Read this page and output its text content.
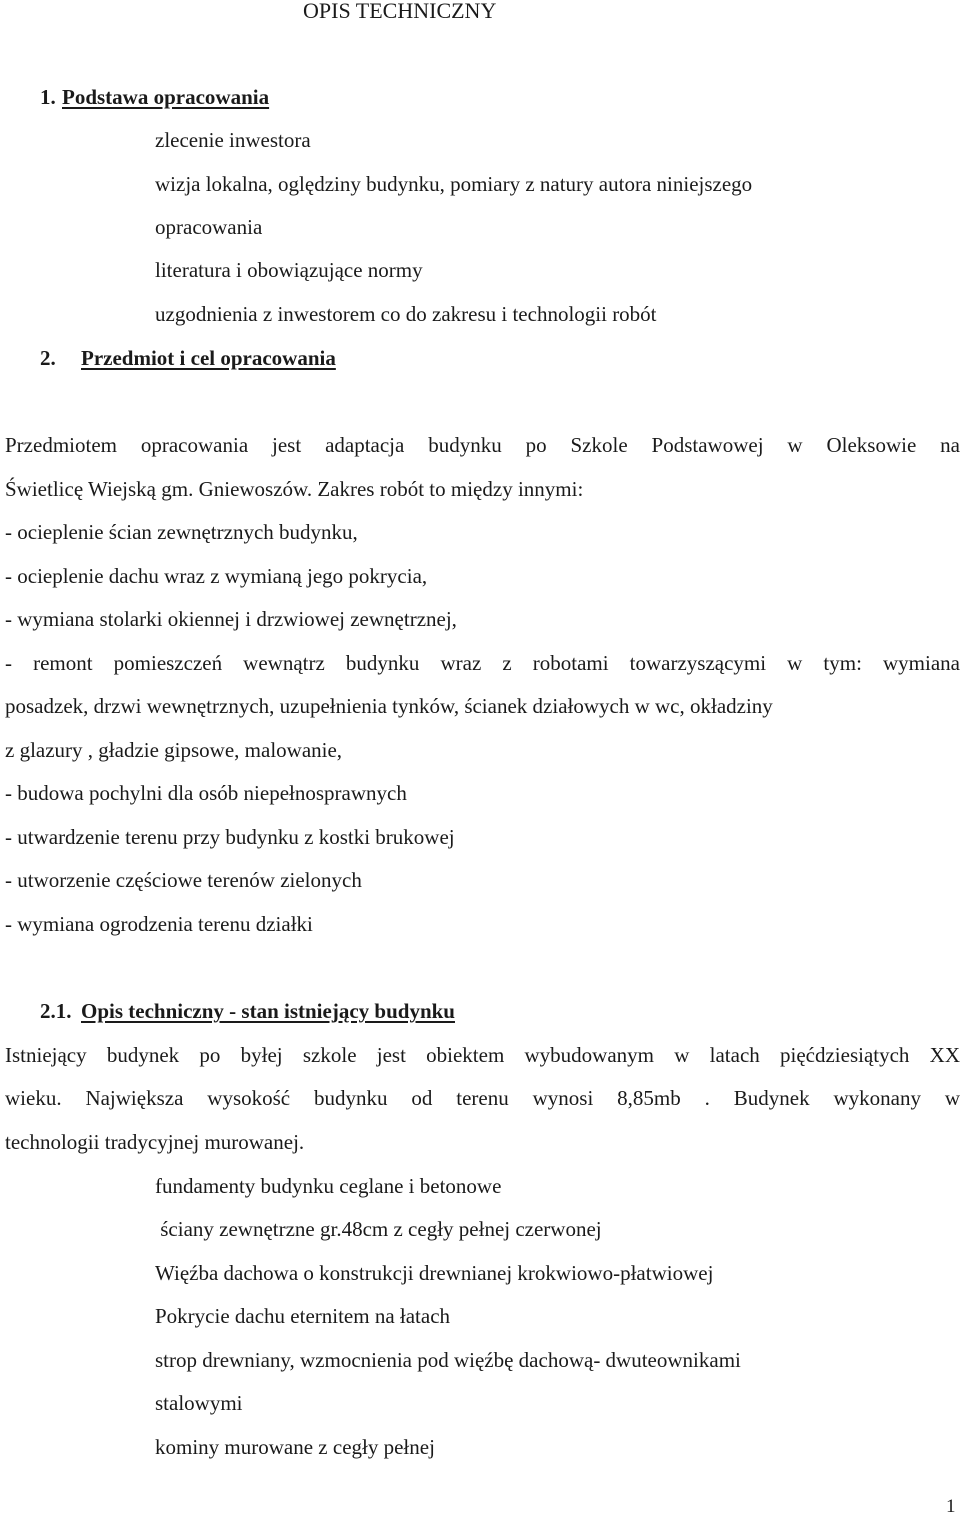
OPIS TECHNICZNY
1. Podstawa opracowania
zlecenie inwestora
wizja lokalna, oględziny budynku, pomiary z natury autora niniejszego
opracowania
literatura i obowiązujące normy
uzgodnienia z inwestorem co do zakresu i technologii robót
2. Przedmiot i cel opracowania
Przedmiotem opracowania jest adaptacja budynku po Szkole Podstawowej w Oleksowie na
Świetlicę Wiejską gm. Gniewoszów. Zakres robót to między innymi:
- ocieplenie ścian zewnętrznych budynku,
- ocieplenie dachu wraz z wymianą jego pokrycia,
- wymiana stolarki okiennej i drzwiowej zewnętrznej,
- remont pomieszczeń wewnątrz budynku wraz z robotami towarzyszącymi w tym: wymiana
posadzek, drzwi wewnętrznych, uzupełnienia tynków, ścianek działowych w wc, okładziny
z glazury , gładzie gipsowe, malowanie,
- budowa pochylni dla osób niepełnosprawnych
- utwardzenie terenu przy budynku z kostki brukowej
- utworzenie częściowe terenów zielonych
- wymiana ogrodzenia terenu działki
2.1. Opis techniczny - stan istniejący budynku
Istniejący budynek po byłej szkole jest obiektem wybudowanym w latach pięćdziesiątych XX
wieku. Największa wysokość budynku od terenu wynosi 8,85mb . Budynek wykonany w
technologii tradycyjnej murowanej.
fundamenty budynku ceglane i betonowe
ściany zewnętrzne gr.48cm z cegły pełnej czerwonej
Więźba dachowa o konstrukcji drewnianej krokwiowo-płatwiowej
Pokrycie dachu eternitem na łatach
strop drewniany, wzmocnienia pod więźbę dachową- dwuteownikami
stalowymi
kominy murowane z cegły pełnej
1
